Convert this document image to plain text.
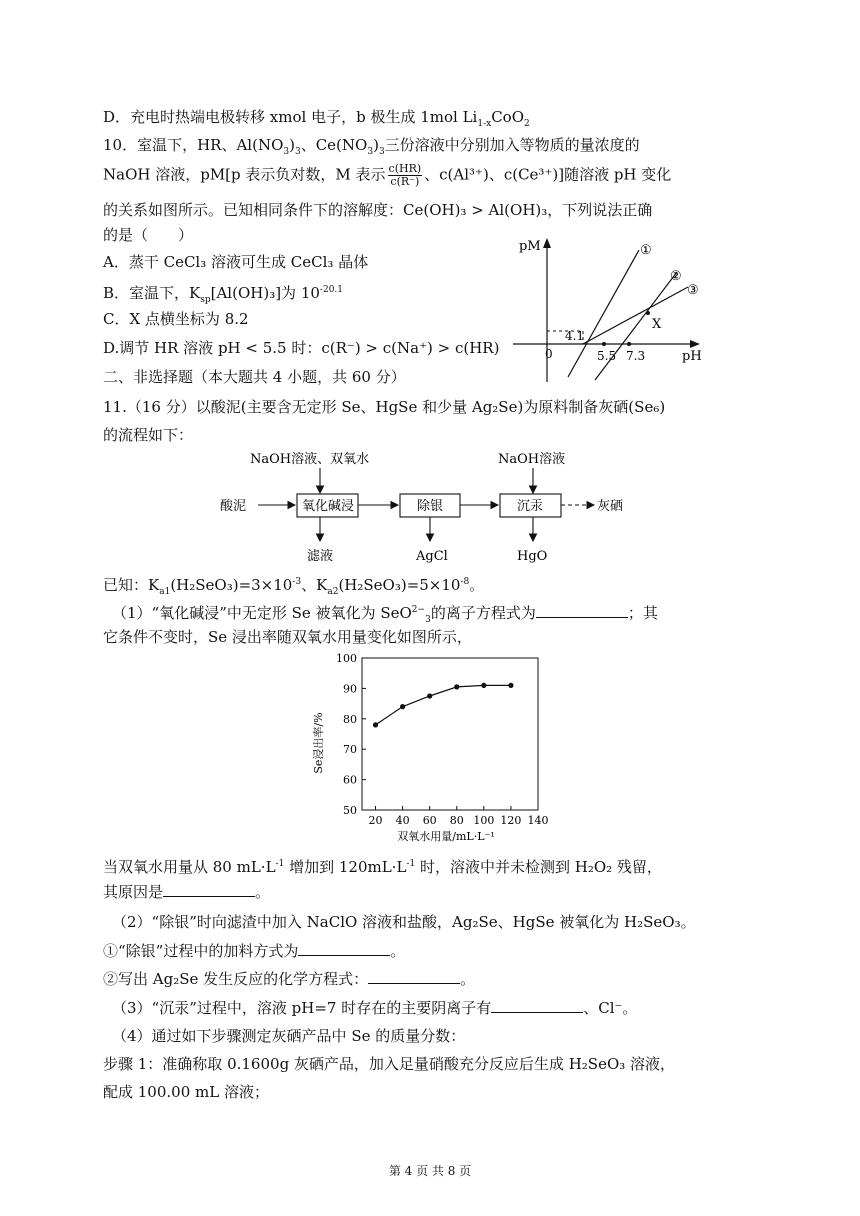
D．充电时热端电极转移 xmol 电子，b 极生成 1mol $Li_{1-x}CoO_2$
10．室温下，HR、$Al(NO_3)_3$、$Ce(NO_3)_3$三份溶液中分别加入等物质的量浓度的
NaOH 溶液，pM[p 表示负对数，M 表示 $\frac{c(HR)}{c(R^-)}$ 、c(Al³⁺)、c(Ce³⁺)]随溶液 pH 变化
的关系如图所示。已知相同条件下的溶解度：Ce(OH)₃ > Al(OH)₃，下列说法正确
的是（　　）
A．蒸干 CeCl₃ 溶液可生成 CeCl₃ 晶体
B．室温下，$K_{sp}[Al(OH)_3]$为 $10^{-20.1}$
C．X 点横坐标为 8.2
D.调节 HR 溶液 pH < 5.5 时：c(R⁻) > c(Na⁺) > c(HR)
pM
pH
0
4.1
5.5 7.3
①
②
③
X
二、非选择题（本大题共 4 小题，共 60 分）
11.（16 分）以酸泥(主要含无定形 Se、HgSe 和少量 Ag₂Se)为原料制备灰硒(Se₆)
的流程如下：
NaOH溶液、双氧水	NaOH溶液
酸泥	氧化碱浸	除银	沉汞	灰硒
滤液	AgCl	HgO
已知：$K_{a1}(H_2SeO_3)=3\times 10^{-3}$、$K_{a2}(H_2SeO_3)=5\times 10^{-8}$。
（1）“氧化碱浸”中无定形 Se 被氧化为 SeO$^{2-}_3$的离子方程式为	；其
它条件不变时，Se 浸出率随双氧水用量变化如图所示，
Se浸出率/%
双氧水用量/mL·L⁻¹
50
60
70
80
90
100
20 40 60 80 100 120 140
当双氧水用量从 80 $mL\cdot L^{-1}$ 增加到 $120mL\cdot L^{-1}$ 时，溶液中并未检测到 H₂O₂ 残留，
其原因是	。
（2）“除银”时向滤渣中加入 NaClO 溶液和盐酸，Ag₂Se、HgSe 被氧化为 H₂SeO₃。
①“除银”过程中的加料方式为	。
②写出 Ag₂Se 发生反应的化学方程式：	。
（3）“沉汞”过程中，溶液 pH=7 时存在的主要阴离子有	、Cl⁻。
（4）通过如下步骤测定灰硒产品中 Se 的质量分数：
步骤 1：准确称取 0.1600g 灰硒产品，加入足量硝酸充分反应后生成 H₂SeO₃ 溶液，
配成 100.00 mL 溶液；
第 4 页 共 8 页
